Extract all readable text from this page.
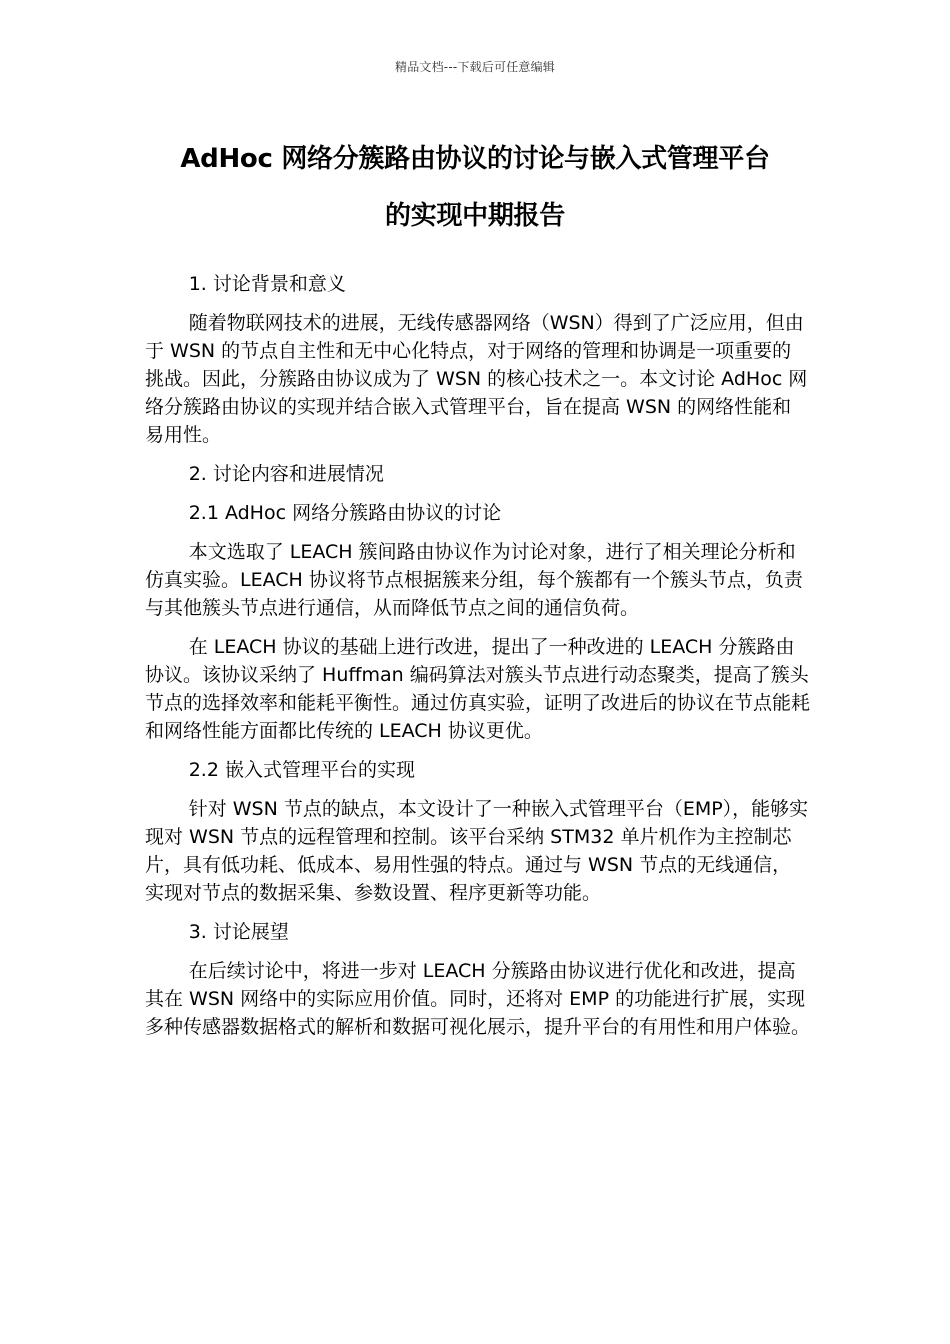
精品文档---下载后可任意编辑
AdHoc 网络分簇路由协议的讨论与嵌入式管理平台
的实现中期报告

1. 讨论背景和意义

随着物联网技术的进展，无线传感器网络（WSN）得到了广泛应用，但由于 WSN 的节点自主性和无中心化特点，对于网络的管理和协调是一项重要的挑战。因此，分簇路由协议成为了 WSN 的核心技术之一。本文讨论 AdHoc 网络分簇路由协议的实现并结合嵌入式管理平台，旨在提高 WSN 的网络性能和易用性。

2. 讨论内容和进展情况

2.1 AdHoc 网络分簇路由协议的讨论

本文选取了 LEACH 簇间路由协议作为讨论对象，进行了相关理论分析和仿真实验。LEACH 协议将节点根据簇来分组，每个簇都有一个簇头节点，负责与其他簇头节点进行通信，从而降低节点之间的通信负荷。

在 LEACH 协议的基础上进行改进，提出了一种改进的 LEACH 分簇路由协议。该协议采纳了 Huffman 编码算法对簇头节点进行动态聚类，提高了簇头节点的选择效率和能耗平衡性。通过仿真实验，证明了改进后的协议在节点能耗和网络性能方面都比传统的 LEACH 协议更优。

2.2 嵌入式管理平台的实现

针对 WSN 节点的缺点，本文设计了一种嵌入式管理平台（EMP），能够实现对 WSN 节点的远程管理和控制。该平台采纳 STM32 单片机作为主控制芯片，具有低功耗、低成本、易用性强的特点。通过与 WSN 节点的无线通信，实现对节点的数据采集、参数设置、程序更新等功能。

3. 讨论展望

在后续讨论中，将进一步对 LEACH 分簇路由协议进行优化和改进，提高其在 WSN 网络中的实际应用价值。同时，还将对 EMP 的功能进行扩展，实现多种传感器数据格式的解析和数据可视化展示，提升平台的有用性和用户体验。
